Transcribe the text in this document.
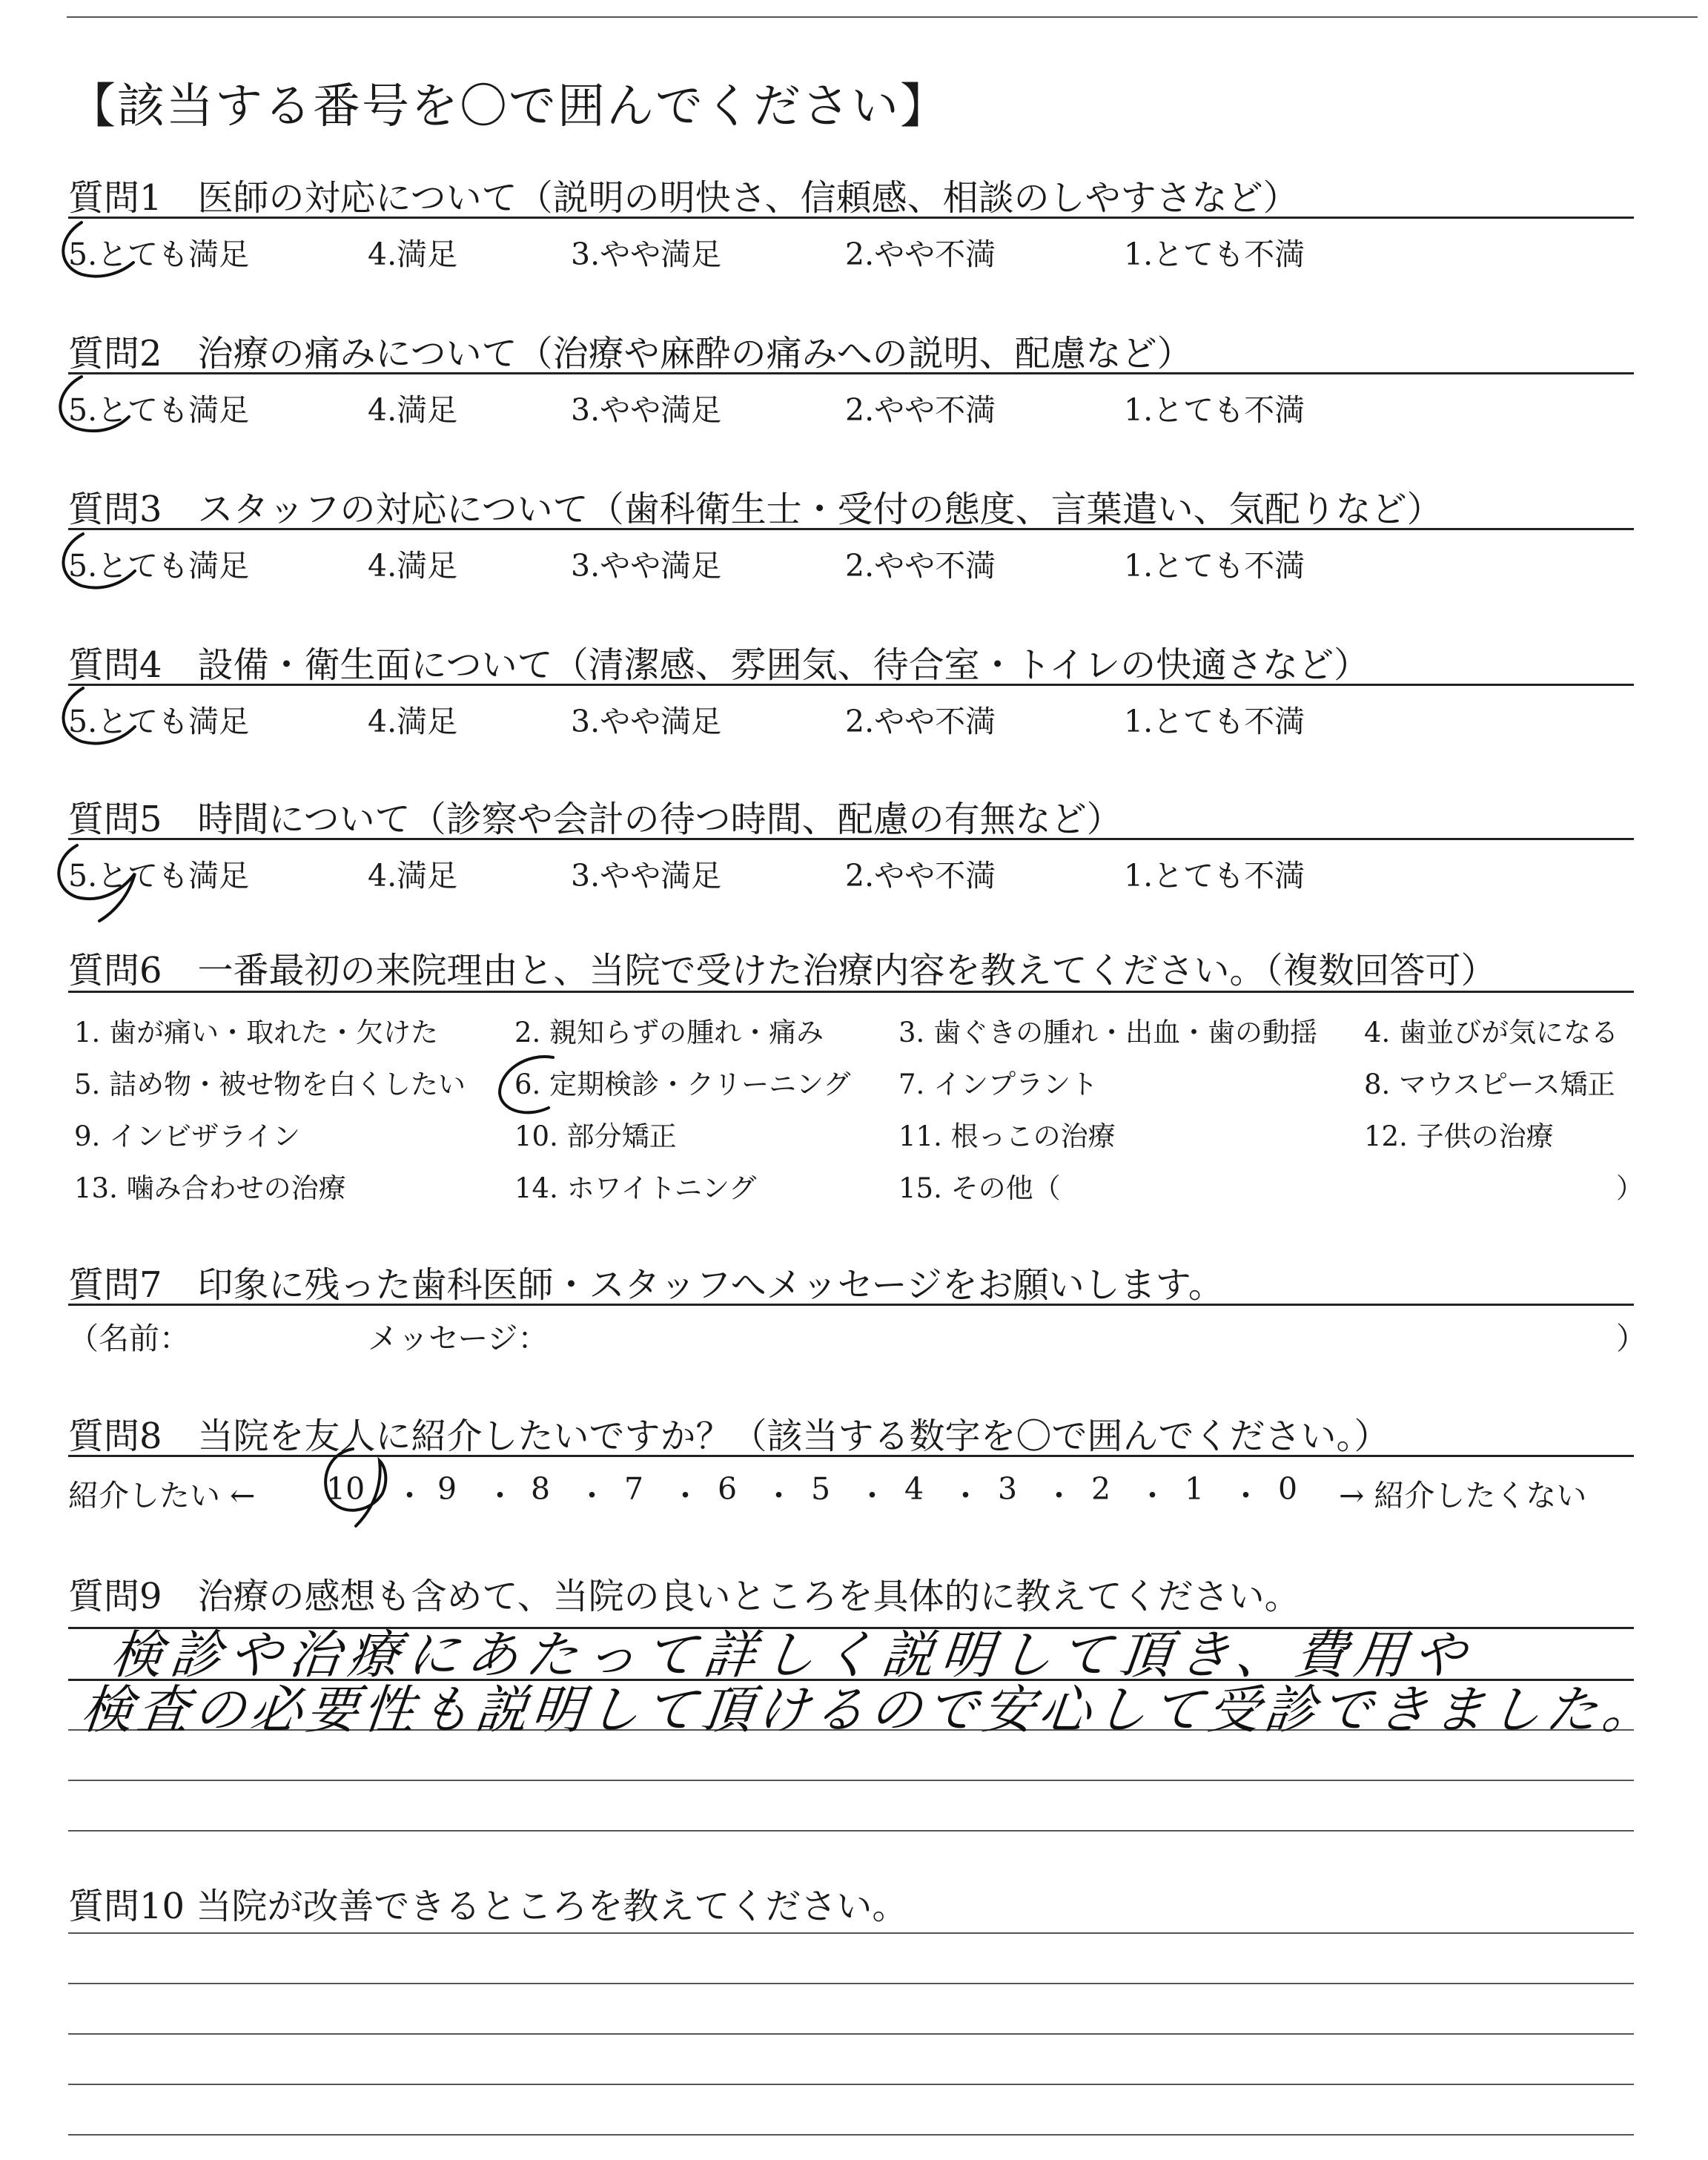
【該当する番号を〇で囲んでください】
質問1　医師の対応について（説明の明快さ、信頼感、相談のしやすさなど）
5.とても満足	4.満足	3.やや満足	2.やや不満	1.とても不満
質問2　治療の痛みについて（治療や麻酔の痛みへの説明、配慮など）
5.とても満足	4.満足	3.やや満足	2.やや不満	1.とても不満
質問3　スタッフの対応について（歯科衛生士・受付の態度、言葉遣い、気配りなど）
5.とても満足	4.満足	3.やや満足	2.やや不満	1.とても不満
質問4　設備・衛生面について（清潔感、雰囲気、待合室・トイレの快適さなど）
5.とても満足	4.満足	3.やや満足	2.やや不満	1.とても不満
質問5　時間について（診察や会計の待つ時間、配慮の有無など）
5.とても満足	4.満足	3.やや満足	2.やや不満	1.とても不満
質問6　一番最初の来院理由と、当院で受けた治療内容を教えてください。（複数回答可）
1. 歯が痛い・取れた・欠けた	2. 親知らずの腫れ・痛み	3. 歯ぐきの腫れ・出血・歯の動揺 4. 歯並びが気になる
5. 詰め物・被せ物を白くしたい 6. 定期検診・クリーニング 7. インプラント	8. マウスピース矯正
9. インビザライン	10. 部分矯正	11. 根っこの治療	12. 子供の治療
13. 噛み合わせの治療	14. ホワイトニング	15. その他（	）
質問7　印象に残った歯科医師・スタッフへメッセージをお願いします。
（名前：	メッセージ：	）
質問8　当院を友人に紹介したいですか？（該当する数字を〇で囲んでください。）
紹介したい ← 10 ・ 9 ・ 8 ・ 7 ・ 6 ・ 5 ・ 4 ・ 3 ・ 2 ・ 1 ・ 0 → 紹介したくない
質問9　治療の感想も含めて、当院の良いところを具体的に教えてください。
検診や治療にあたって詳しく説明して頂き、費用や
検査の必要性も説明して頂けるので安心して受診できました。
質問10 当院が改善できるところを教えてください。
